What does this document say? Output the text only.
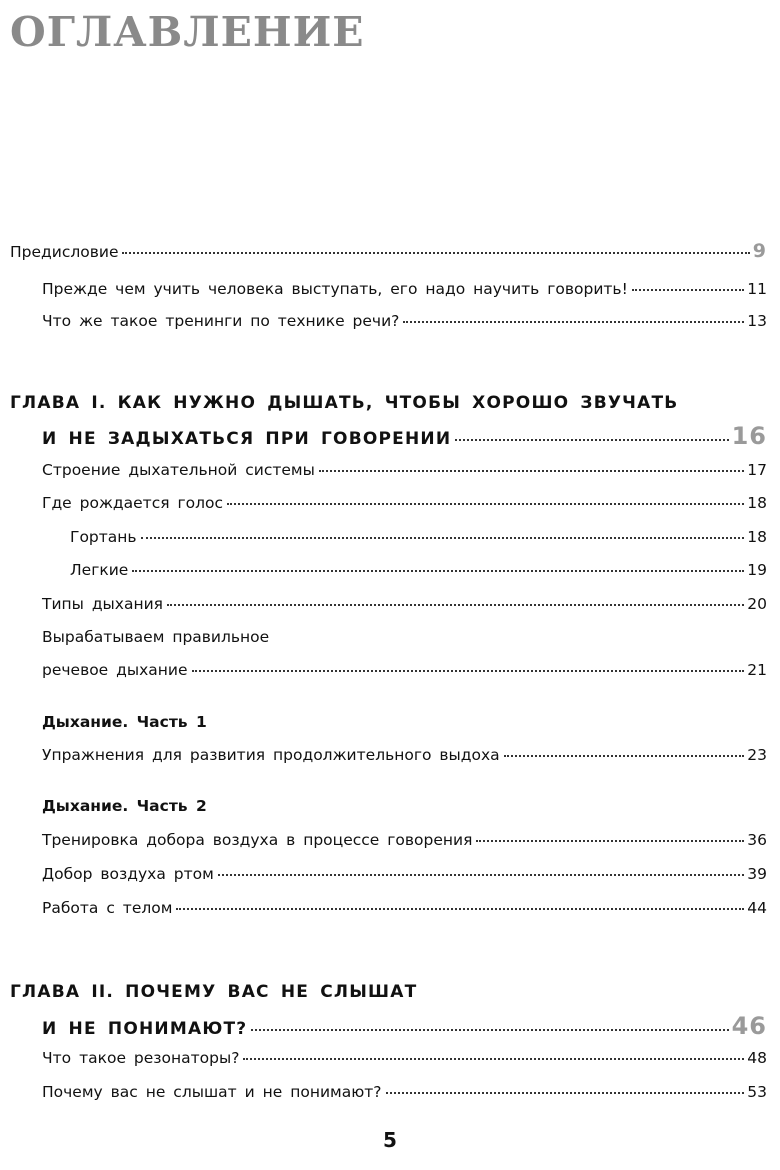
ОГЛАВЛЕНИЕ
Предисловие	9
Прежде чем учить человека выступать, его надо научить говорить!	11
Что же такое тренинги по технике речи?	13
ГЛАВА I. КАК НУЖНО ДЫШАТЬ, ЧТОБЫ ХОРОШО ЗВУЧАТЬ
И НЕ ЗАДЫХАТЬСЯ ПРИ ГОВОРЕНИИ	16
Строение дыхательной системы	17
Где рождается голос	18
Гортань	18
Легкие	19
Типы дыхания	20
Вырабатываем правильное
речевое дыхание	21
Дыхание. Часть 1
Упражнения для развития продолжительного выдоха	23
Дыхание. Часть 2
Тренировка добора воздуха в процессе говорения	36
Добор воздуха ртом	39
Работа с телом	44
ГЛАВА II. ПОЧЕМУ ВАС НЕ СЛЫШАТ
И НЕ ПОНИМАЮТ?	46
Что такое резонаторы?	48
Почему вас не слышат и не понимают?	53
5
